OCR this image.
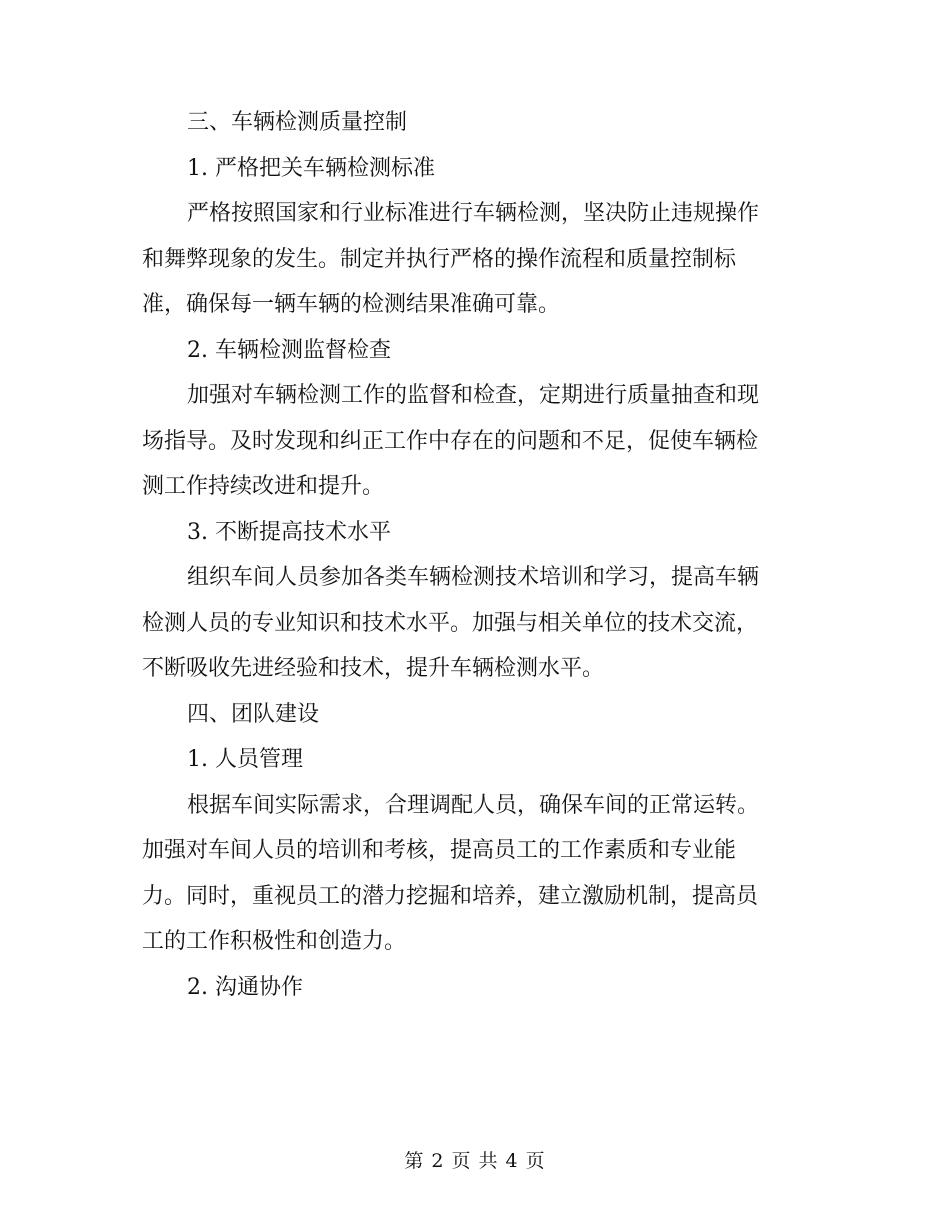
三、车辆检测质量控制

1. 严格把关车辆检测标准

严格按照国家和行业标准进行车辆检测，坚决防止违规操作

和舞弊现象的发生。制定并执行严格的操作流程和质量控制标

准，确保每一辆车辆的检测结果准确可靠。

2. 车辆检测监督检查

加强对车辆检测工作的监督和检查，定期进行质量抽查和现

场指导。及时发现和纠正工作中存在的问题和不足，促使车辆检

测工作持续改进和提升。

3. 不断提高技术水平

组织车间人员参加各类车辆检测技术培训和学习，提高车辆

检测人员的专业知识和技术水平。加强与相关单位的技术交流，

不断吸收先进经验和技术，提升车辆检测水平。

四、团队建设

1. 人员管理

根据车间实际需求，合理调配人员，确保车间的正常运转。

加强对车间人员的培训和考核，提高员工的工作素质和专业能

力。同时，重视员工的潜力挖掘和培养，建立激励机制，提高员

工的工作积极性和创造力。

2. 沟通协作

第 2 页 共 4 页
